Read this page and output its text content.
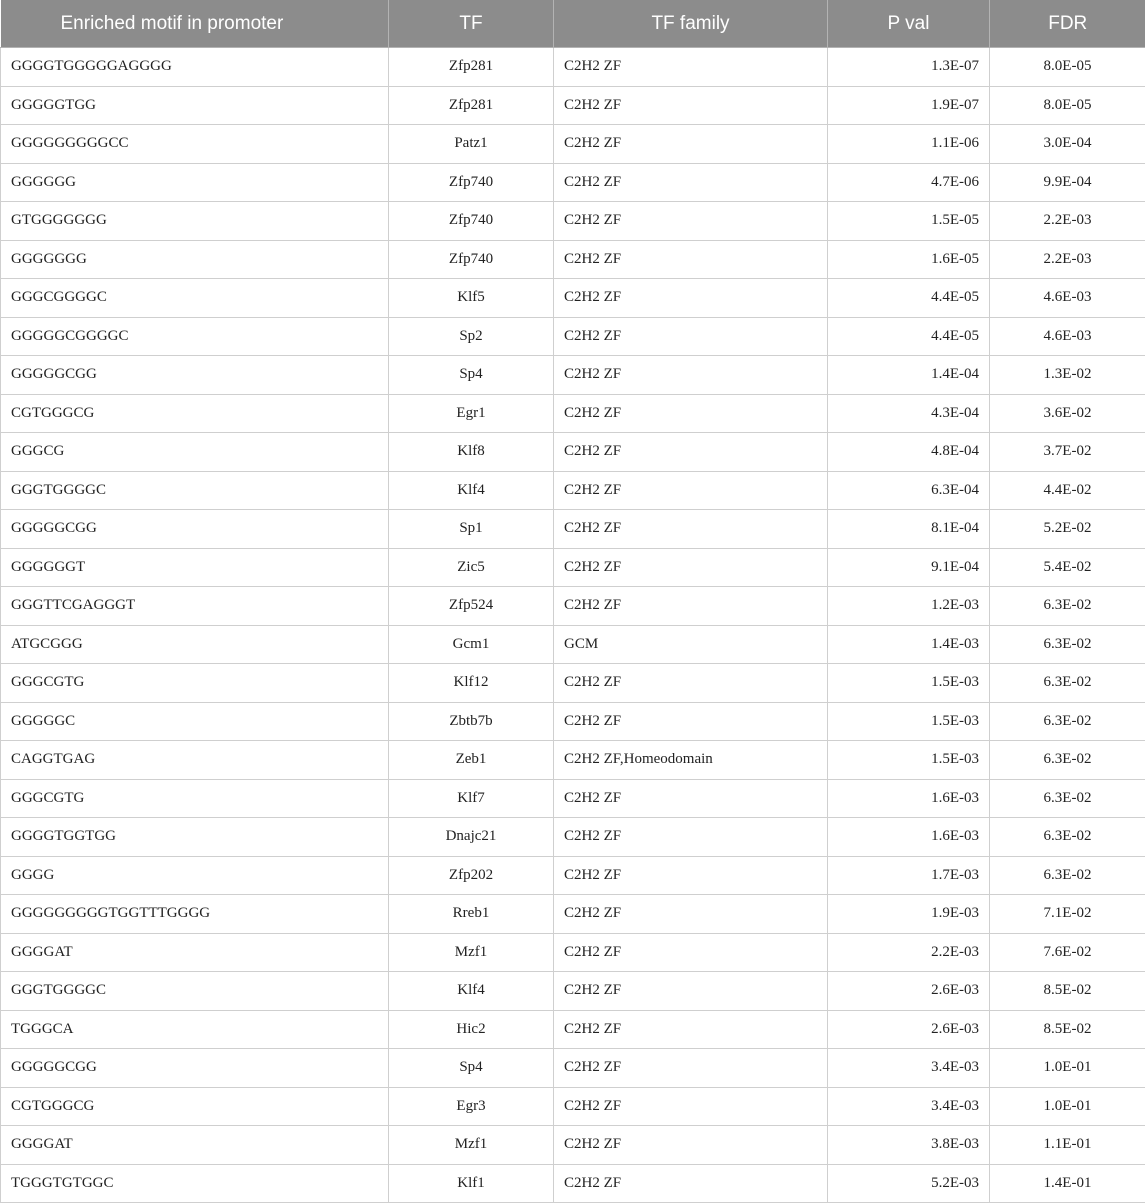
Enriched motif in promoter	TF	TF family	P val	FDR
GGGGTGGGGGAGGGG	Zfp281	C2H2 ZF	1.3E-07	8.0E-05
GGGGGTGG	Zfp281	C2H2 ZF	1.9E-07	8.0E-05
GGGGGGGGGCC	Patz1	C2H2 ZF	1.1E-06	3.0E-04
GGGGGG	Zfp740	C2H2 ZF	4.7E-06	9.9E-04
GTGGGGGGG	Zfp740	C2H2 ZF	1.5E-05	2.2E-03
GGGGGGG	Zfp740	C2H2 ZF	1.6E-05	2.2E-03
GGGCGGGGC	Klf5	C2H2 ZF	4.4E-05	4.6E-03
GGGGGCGGGGC	Sp2	C2H2 ZF	4.4E-05	4.6E-03
GGGGGCGG	Sp4	C2H2 ZF	1.4E-04	1.3E-02
CGTGGGCG	Egr1	C2H2 ZF	4.3E-04	3.6E-02
GGGCG	Klf8	C2H2 ZF	4.8E-04	3.7E-02
GGGTGGGGC	Klf4	C2H2 ZF	6.3E-04	4.4E-02
GGGGGCGG	Sp1	C2H2 ZF	8.1E-04	5.2E-02
GGGGGGT	Zic5	C2H2 ZF	9.1E-04	5.4E-02
GGGTTCGAGGGT	Zfp524	C2H2 ZF	1.2E-03	6.3E-02
ATGCGGG	Gcm1	GCM	1.4E-03	6.3E-02
GGGCGTG	Klf12	C2H2 ZF	1.5E-03	6.3E-02
GGGGGC	Zbtb7b	C2H2 ZF	1.5E-03	6.3E-02
CAGGTGAG	Zeb1	C2H2 ZF,Homeodomain	1.5E-03	6.3E-02
GGGCGTG	Klf7	C2H2 ZF	1.6E-03	6.3E-02
GGGGTGGTGG	Dnajc21	C2H2 ZF	1.6E-03	6.3E-02
GGGG	Zfp202	C2H2 ZF	1.7E-03	6.3E-02
GGGGGGGGGTGGTTTGGGG	Rreb1	C2H2 ZF	1.9E-03	7.1E-02
GGGGAT	Mzf1	C2H2 ZF	2.2E-03	7.6E-02
GGGTGGGGC	Klf4	C2H2 ZF	2.6E-03	8.5E-02
TGGGCA	Hic2	C2H2 ZF	2.6E-03	8.5E-02
GGGGGCGG	Sp4	C2H2 ZF	3.4E-03	1.0E-01
CGTGGGCG	Egr3	C2H2 ZF	3.4E-03	1.0E-01
GGGGAT	Mzf1	C2H2 ZF	3.8E-03	1.1E-01
TGGGTGTGGC	Klf1	C2H2 ZF	5.2E-03	1.4E-01
